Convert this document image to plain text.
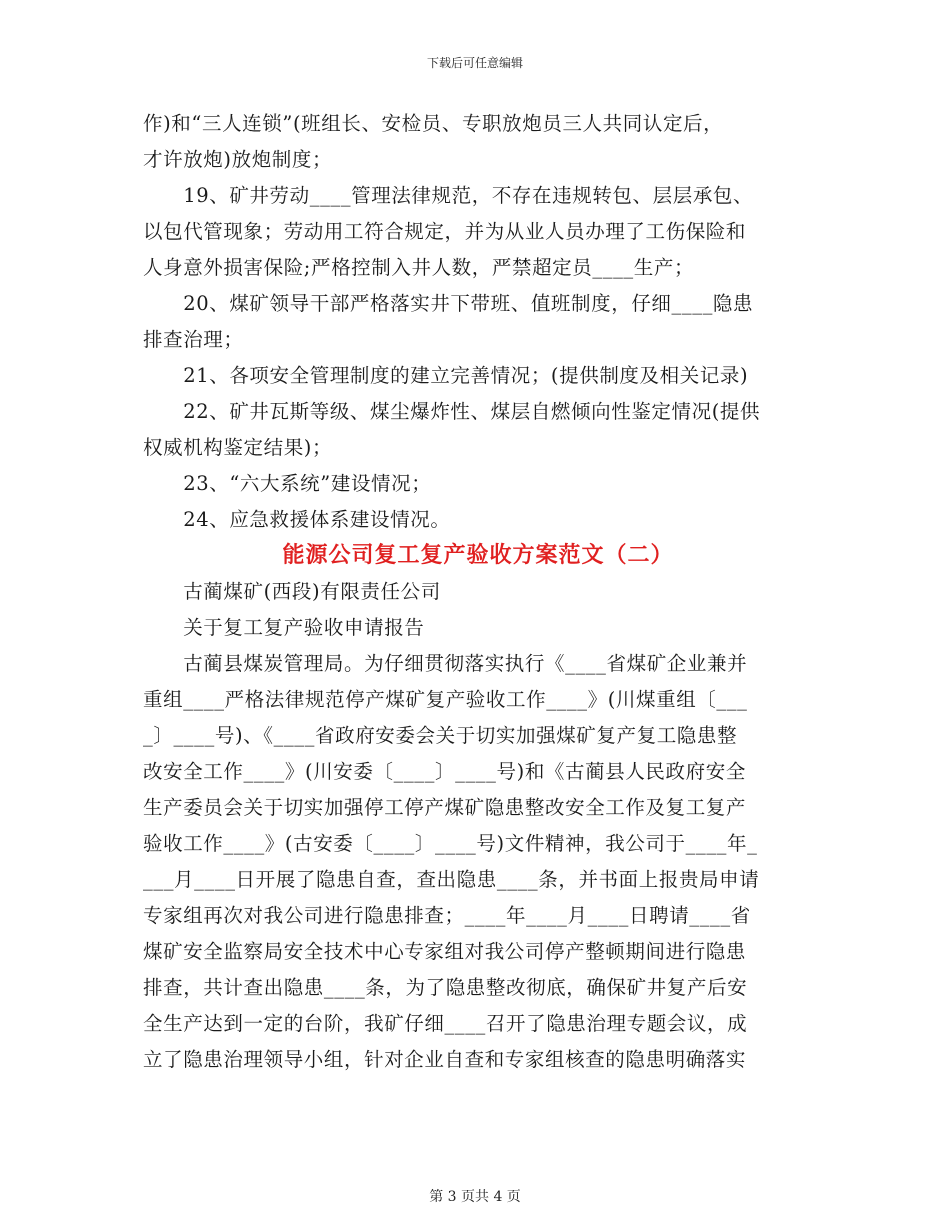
下载后可任意编辑
作)和“三人连锁”(班组长、安检员、专职放炮员三人共同认定后，
才许放炮)放炮制度；
　　19、矿井劳动____管理法律规范，不存在违规转包、层层承包、
以包代管现象；劳动用工符合规定，并为从业人员办理了工伤保险和
人身意外损害保险;严格控制入井人数，严禁超定员____生产；
　　20、煤矿领导干部严格落实井下带班、值班制度，仔细____隐患
排查治理；
　　21、各项安全管理制度的建立完善情况；(提供制度及相关记录)
　　22、矿井瓦斯等级、煤尘爆炸性、煤层自燃倾向性鉴定情况(提供
权威机构鉴定结果)；
　　23、“六大系统”建设情况；
　　24、应急救援体系建设情况。
能源公司复工复产验收方案范文（二）
　　古蔺煤矿(西段)有限责任公司
　　关于复工复产验收申请报告
　　古蔺县煤炭管理局。为仔细贯彻落实执行《____省煤矿企业兼并
重组____严格法律规范停产煤矿复产验收工作____》(川煤重组〔___
_〕____号)、《____省政府安委会关于切实加强煤矿复产复工隐患整
改安全工作____》(川安委〔____〕____号)和《古蔺县人民政府安全
生产委员会关于切实加强停工停产煤矿隐患整改安全工作及复工复产
验收工作____》(古安委〔____〕____号)文件精神，我公司于____年_
___月____日开展了隐患自查，查出隐患____条，并书面上报贵局申请
专家组再次对我公司进行隐患排查；____年____月____日聘请____省
煤矿安全监察局安全技术中心专家组对我公司停产整顿期间进行隐患
排查，共计查出隐患____条，为了隐患整改彻底，确保矿井复产后安
全生产达到一定的台阶，我矿仔细____召开了隐患治理专题会议，成
立了隐患治理领导小组，针对企业自查和专家组核查的隐患明确落实
第 3 页共 4 页
